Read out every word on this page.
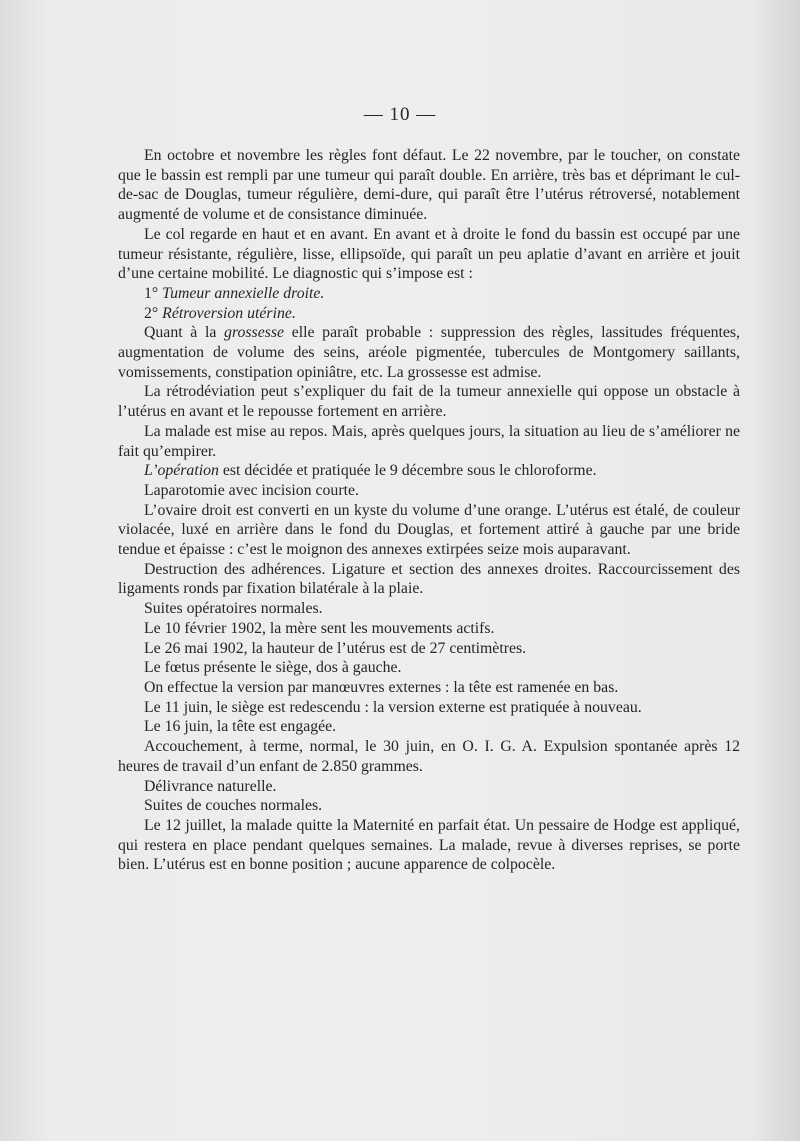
— 10 —

En octobre et novembre les règles font défaut. Le 22 novembre, par le toucher, on constate que le bassin est rempli par une tumeur qui paraît double. En arrière, très bas et déprimant le cul-de-sac de Douglas, tumeur régulière, demi-dure, qui paraît être l’utérus rétroversé, notablement augmenté de volume et de consistance diminuée.

Le col regarde en haut et en avant. En avant et à droite le fond du bassin est occupé par une tumeur résistante, régulière, lisse, ellipsoïde, qui paraît un peu aplatie d’avant en arrière et jouit d’une certaine mobilité. Le diagnostic qui s’impose est :

1° Tumeur annexielle droite.

2° Rétroversion utérine.

Quant à la grossesse elle paraît probable : suppression des règles, lassitudes fréquentes, augmentation de volume des seins, aréole pigmentée, tubercules de Montgomery saillants, vomissements, constipation opiniâtre, etc. La grossesse est admise.

La rétrodéviation peut s’expliquer du fait de la tumeur annexielle qui oppose un obstacle à l’utérus en avant et le repousse fortement en arrière.

La malade est mise au repos. Mais, après quelques jours, la situation au lieu de s’améliorer ne fait qu’empirer.

L’opération est décidée et pratiquée le 9 décembre sous le chloroforme.

Laparotomie avec incision courte.

L’ovaire droit est converti en un kyste du volume d’une orange. L’utérus est étalé, de couleur violacée, luxé en arrière dans le fond du Douglas, et fortement attiré à gauche par une bride tendue et épaisse : c’est le moignon des annexes extirpées seize mois auparavant.

Destruction des adhérences. Ligature et section des annexes droites. Raccourcissement des ligaments ronds par fixation bilatérale à la plaie.

Suites opératoires normales.

Le 10 février 1902, la mère sent les mouvements actifs.

Le 26 mai 1902, la hauteur de l’utérus est de 27 centimètres.

Le fœtus présente le siège, dos à gauche.

On effectue la version par manœuvres externes : la tête est ramenée en bas.

Le 11 juin, le siège est redescendu : la version externe est pratiquée à nouveau.

Le 16 juin, la tête est engagée.

Accouchement, à terme, normal, le 30 juin, en O. I. G. A. Expulsion spontanée après 12 heures de travail d’un enfant de 2.850 grammes.

Délivrance naturelle.

Suites de couches normales.

Le 12 juillet, la malade quitte la Maternité en parfait état. Un pessaire de Hodge est appliqué, qui restera en place pendant quelques semaines. La malade, revue à diverses reprises, se porte bien. L’utérus est en bonne position ; aucune apparence de colpocèle.
